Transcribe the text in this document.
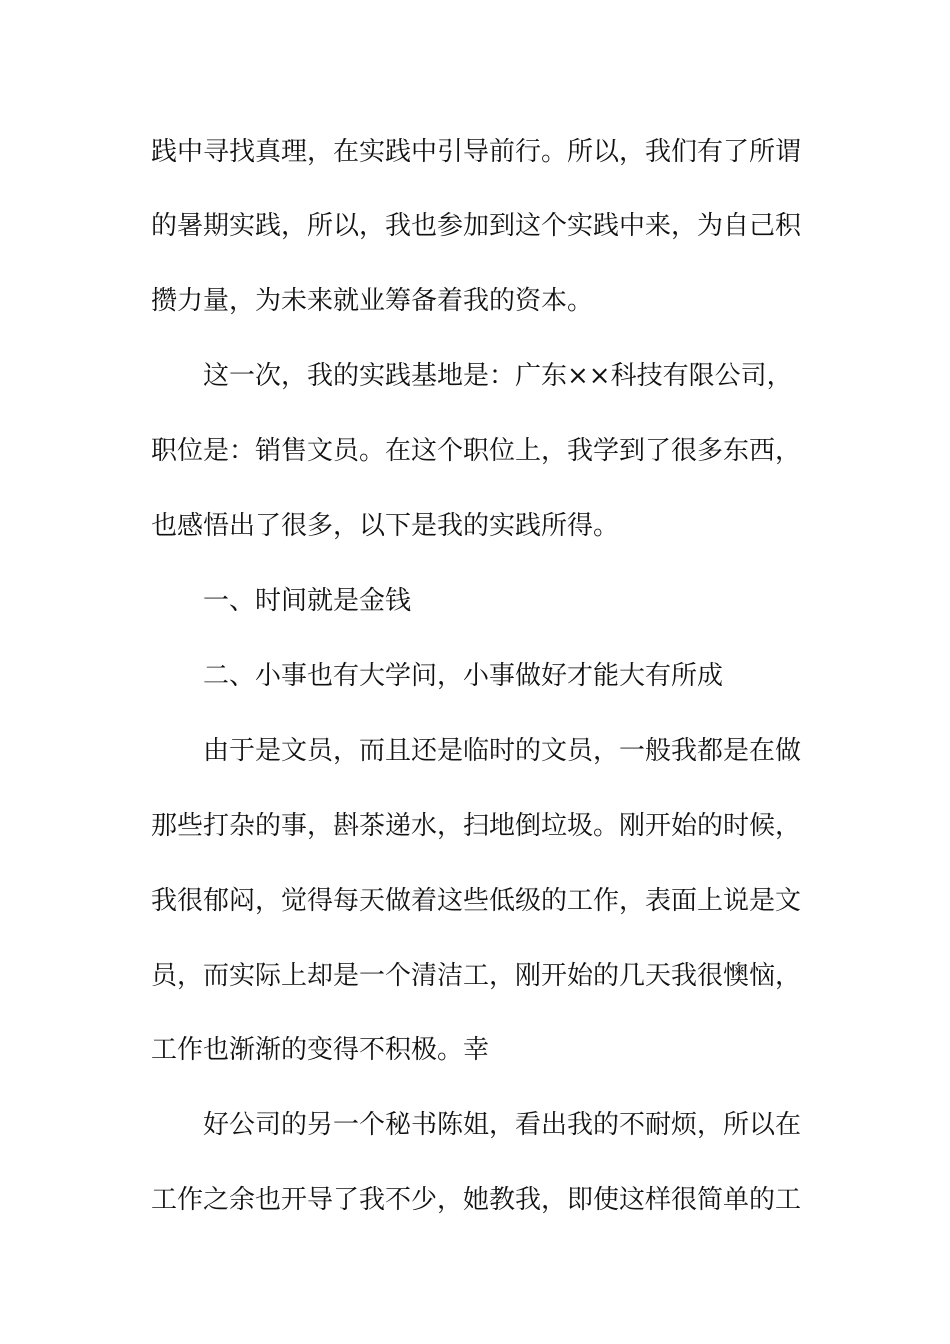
践中寻找真理，在实践中引导前行。所以，我们有了所谓
的暑期实践，所以，我也参加到这个实践中来，为自己积
攒力量，为未来就业筹备着我的资本。
这一次，我的实践基地是：广东××科技有限公司，
职位是：销售文员。在这个职位上，我学到了很多东西，
也感悟出了很多，以下是我的实践所得。
一、时间就是金钱
二、小事也有大学问，小事做好才能大有所成
由于是文员，而且还是临时的文员，一般我都是在做
那些打杂的事，斟茶递水，扫地倒垃圾。刚开始的时候，
我很郁闷，觉得每天做着这些低级的工作，表面上说是文
员，而实际上却是一个清洁工，刚开始的几天我很懊恼，
工作也渐渐的变得不积极。幸
好公司的另一个秘书陈姐，看出我的不耐烦，所以在
工作之余也开导了我不少，她教我，即使这样很简单的工
